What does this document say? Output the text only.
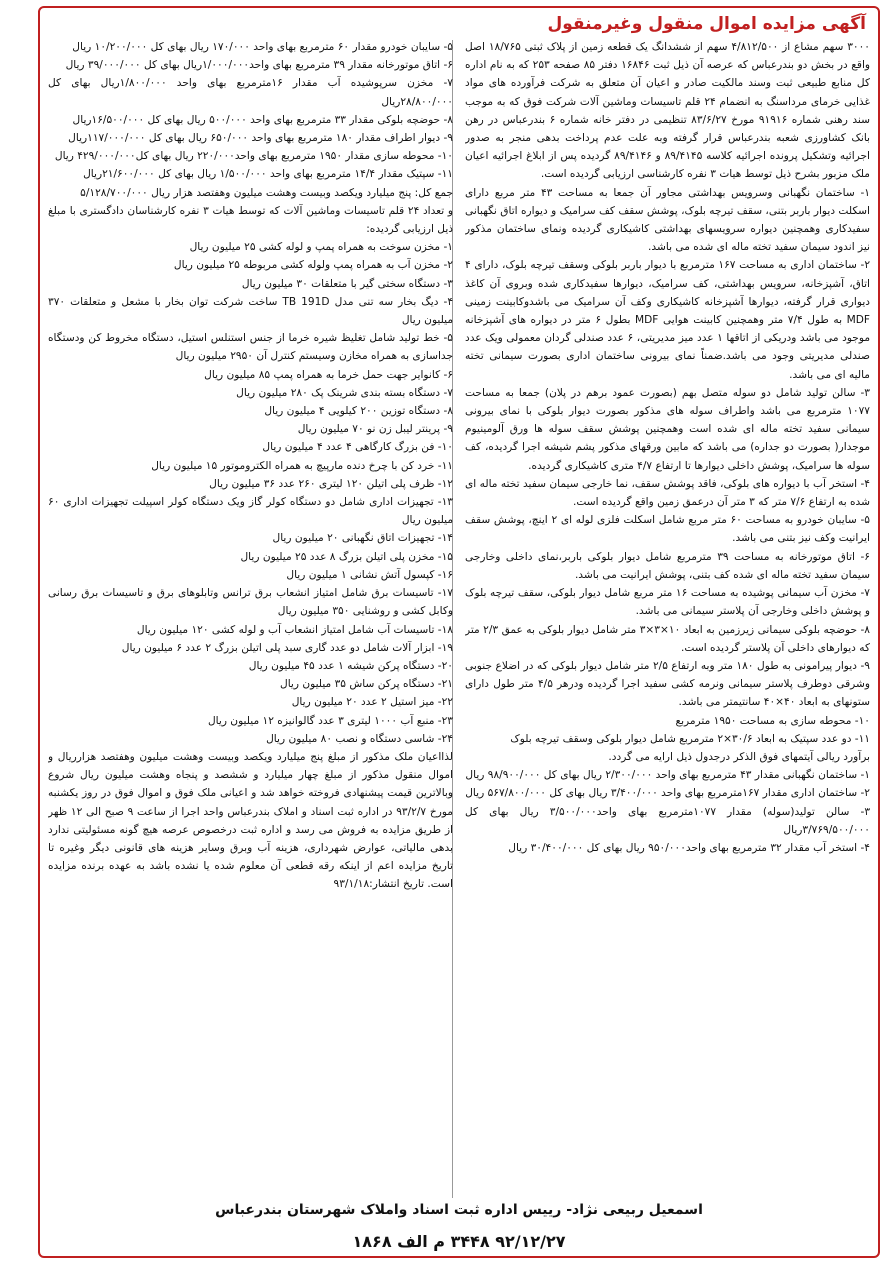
آگهی مزایده اموال منقول وغیرمنقول

۳۰۰۰ سهم مشاع از ۴/۸۱۲/۵۰۰ سهم از ششدانگ یک قطعه زمین از پلاک ثبتی ۱۸/۷۶۵ اصل واقع در بخش دو بندرعباس که عرصه آن ذیل ثبت ۱۶۸۴۶ دفتر ۸۵ صفحه ۲۵۳ که به نام اداره کل منابع طبیعی ثبت وسند مالکیت صادر و اعیان آن متعلق به شرکت فرآورده های مواد غذایی خرمای مرداسنگ به انضمام ۲۴ قلم تاسیسات وماشین آلات شرکت فوق که به موجب سند رهنی شماره ۹۱۹۱۶ مورخ ۸۳/۶/۲۷ تنظیمی در دفتر خانه شماره ۶ بندرعباس در رهن بانک کشاورزی شعبه بندرعباس قرار گرفته وبه علت عدم پرداخت بدهی منجر به صدور اجرائیه وتشکیل پرونده اجرائیه کلاسه ۸۹/۴۱۴۵ و ۸۹/۴۱۴۶ گردیده پس از ابلاغ اجرائیه اعیان ملک مزبور بشرح ذیل توسط هیات ۳ نفره کارشناسی ارزیابی گردیده است.

۱- ساختمان نگهبانی وسرویس بهداشتی مجاور آن جمعا به مساحت ۴۳ متر مربع دارای اسکلت دیوار باربر بتنی، سقف تیرچه بلوک، پوشش سقف کف سرامیک و دیواره اتاق نگهبانی سفیدکاری وهمچنین دیواره سرویسهای بهداشتی کاشیکاری گردیده ونمای ساختمان مذکور نیز اندود سیمان سفید تخته ماله ای شده می باشد.

۲- ساختمان اداری به مساحت ۱۶۷ مترمربع با دیوار باربر بلوکی وسقف تیرچه بلوک، دارای ۴ اتاق، آشپزخانه، سرویس بهداشتی، کف سرامیک، دیوارها سفیدکاری شده وبروی آن کاغذ دیواری قرار گرفته، دیوارها آشپزخانه کاشیکاری وکف آن سرامیک می باشدوکابینت زمینی MDF به طول ۷/۴ متر وهمچنین کابینت هوایی MDF بطول ۶ متر در دیواره های آشپزخانه موجود می باشد ودریکی از اتاقها ۱ عدد میز مدیریتی، ۶ عدد صندلی گردان معمولی ویک عدد صندلی مدیریتی وجود می باشد.ضمناً نمای بیرونی ساختمان اداری بصورت سیمانی تخته مالیه ای می باشد.

۳- سالن تولید شامل دو سوله متصل بهم (بصورت عمود برهم در پلان) جمعا به مساحت ۱۰۷۷ مترمربع می باشد واطراف سوله های مذکور بصورت دیوار بلوکی با نمای بیرونی سیمانی سفید تخته ماله ای شده است وهمچنین پوشش سقف سوله ها ورق آلومینیوم موجدار( بصورت دو جداره) می باشد که مابین ورقهای مذکور پشم شیشه اجرا گردیده، کف سوله ها سرامیک، پوشش داخلی دیوارها تا ارتفاع ۴/۷ متری کاشیکاری گردیده.

۴- استخر آب با دیواره های بلوکی، فاقد پوشش سقف، نما خارجی سیمان سفید تخته ماله ای شده به ارتفاع ۷/۶ متر که ۳ متر آن درعمق زمین واقع گردیده است.

۵- سایبان خودرو به مساحت ۶۰ متر مربع شامل اسکلت فلزی لوله ای ۲ اینچ، پوشش سقف ایرانیت وکف نیز بتنی می باشد.

۶- اتاق موتورخانه به مساحت ۳۹ مترمربع شامل دیوار بلوکی باربر،نمای داخلی وخارجی سیمان سفید تخته ماله ای شده کف بتنی، پوشش ایرانیت می باشد.

۷- مخزن آب سیمانی پوشیده به مساحت ۱۶ متر مربع شامل دیوار بلوکی، سقف تیرچه بلوک و پوشش داخلی وخارجی آن پلاستر سیمانی می باشد.

۸- حوضچه بلوکی سیمانی زیرزمین به ابعاد ۱۰×۳×۳ متر شامل دیوار بلوکی به عمق ۲/۳ متر که دیوارهای داخلی آن پلاستر گردیده است.

۹- دیوار پیرامونی به طول ۱۸۰ متر وبه ارتفاع ۲/۵ متر شامل دیوار بلوکی که در اضلاع جنوبی وشرقی دوطرف پلاستر سیمانی ونرمه کشی سفید اجرا گردیده ودرهر ۴/۵ متر طول دارای ستونهای به ابعاد ۴۰×۴۰ سانتیمتر می باشد.

۱۰- محوطه سازی به مساحت ۱۹۵۰ مترمربع

۱۱- دو عدد سپتیک به ابعاد ۳۰/۶×۲ مترمربع شامل دیوار بلوکی وسقف تیرچه بلوک

برآورد ریالی آیتمهای فوق الذکر درجدول ذیل ارایه می گردد.

۱- ساختمان نگهبانی مقدار ۴۳ مترمربع بهای واحد ۲/۳۰۰/۰۰۰ ریال بهای کل ۹۸/۹۰۰/۰۰۰ ریال

۲- ساختمان اداری مقدار ۱۶۷مترمربع بهای واحد ۳/۴۰۰/۰۰۰ ریال بهای کل ۵۶۷/۸۰۰/۰۰۰ ریال

۳- سالن تولید(سوله) مقدار ۱۰۷۷مترمربع بهای واحد۳/۵۰۰/۰۰۰ ریال بهای کل ۳/۷۶۹/۵۰۰/۰۰۰ریال

۴- استخر آب مقدار ۳۲ مترمربع بهای واحد۹۵۰/۰۰۰ ریال بهای کل ۳۰/۴۰۰/۰۰۰ ریال

۵- سایبان خودرو مقدار ۶۰ مترمربع بهای واحد ۱۷۰/۰۰۰ ریال بهای کل ۱۰/۲۰۰/۰۰۰ ریال

۶- اتاق موتورخانه مقدار ۳۹ مترمربع بهای واحد۱/۰۰۰/۰۰۰ریال بهای کل ۳۹/۰۰۰/۰۰۰ ریال

۷- مخزن سرپوشیده آب مقدار ۱۶مترمربع بهای واحد ۱/۸۰۰/۰۰۰ریال بهای کل ۲۸/۸۰۰/۰۰۰ریال

۸- حوضچه بلوکی مقدار ۳۳ مترمربع بهای واحد ۵۰۰/۰۰۰ ریال بهای کل ۱۶/۵۰۰/۰۰۰ریال

۹- دیوار اطراف مقدار ۱۸۰ مترمربع بهای واحد ۶۵۰/۰۰۰ ریال بهای کل ۱۱۷/۰۰۰/۰۰۰ریال

۱۰- محوطه سازی مقدار ۱۹۵۰ مترمربع بهای واحد۲۲۰/۰۰۰ ریال بهای کل۴۲۹/۰۰۰/۰۰۰ ریال

۱۱- سپتیک مقدار ۱۴/۴ مترمربع بهای واحد ۱/۵۰۰/۰۰۰ ریال بهای کل ۲۱/۶۰۰/۰۰۰ریال

جمع کل: پنج میلیارد ویکصد وبیست وهشت میلیون وهفتصد هزار ریال ۵/۱۲۸/۷۰۰/۰۰۰

و تعداد ۲۴ قلم تاسیسات وماشین آلات که توسط هیات ۳ نفره کارشناسان دادگستری با مبلغ ذیل ارزیابی گردیده:

۱- مخزن سوخت به همراه پمپ و لوله کشی ۲۵ میلیون ریال

۲- مخزن آب به همراه پمپ ولوله کشی مربوطه ۲۵ میلیون ریال

۳- دستگاه سختی گیر با متعلقات ۳۰ میلیون ریال

۴- دیگ بخار سه تنی مدل TB 191D ساخت شرکت توان بخار با مشعل و متعلقات ۳۷۰ میلیون ریال

۵- خط تولید شامل تغلیظ شیره خرما از جنس استنلس استیل، دستگاه مخروط کن ودستگاه جداسازی به همراه مخازن وسیستم کنترل آن ۲۹۵۰ میلیون ریال

۶- کانوایر جهت حمل خرما به همراه پمپ ۸۵ میلیون ریال

۷- دستگاه بسته بندی شرینک پک ۲۸۰ میلیون ریال

۸- دستگاه توزین ۲۰۰ کیلویی ۴ میلیون ریال

۹- پرینتر لیبل زن نو ۷۰ میلیون ریال

۱۰- فن بزرگ کارگاهی ۴ عدد ۴ میلیون ریال

۱۱- خرد کن با چرخ دنده مارپیچ به همراه الکتروموتور ۱۵ میلیون ریال

۱۲- ظرف پلی اتیلن ۱۲۰ لیتری ۲۶۰ عدد ۳۶ میلیون ریال

۱۳- تجهیزات اداری شامل دو دستگاه کولر گاز ویک دستگاه کولر اسپیلت تجهیزات اداری ۶۰ میلیون ریال

۱۴- تجهیزات اتاق نگهبانی ۲۰ میلیون ریال

۱۵- مخزن پلی اتیلن بزرگ ۸ عدد ۲۵ میلیون ریال

۱۶- کپسول آتش نشانی ۱ میلیون ریال

۱۷- تاسیسات برق شامل امتیاز انشعاب برق ترانس وتابلوهای برق و تاسیسات برق رسانی وکابل کشی و روشنایی ۳۵۰ میلیون ریال

۱۸- تاسیسات آب شامل امتیاز انشعاب آب و لوله کشی ۱۲۰ میلیون ریال

۱۹- ابزار آلات شامل دو عدد گاری سبد پلی اتیلن بزرگ ۲ عدد ۶ میلیون ریال

۲۰- دستگاه پرکن شیشه ۱ عدد ۴۵ میلیون ریال

۲۱- دستگاه پرکن ساش ۳۵ میلیون ریال

۲۲- میز استیل ۲ عدد ۲۰ میلیون ریال

۲۳- منبع آب ۱۰۰۰ لیتری ۳ عدد گالوانیزه ۱۲ میلیون ریال

۲۴- شاسی دستگاه و نصب ۸۰ میلیون ریال

لذااعیان ملک مذکور از مبلغ پنج میلیارد ویکصد وبیست وهشت میلیون وهفتصد هزارریال و اموال منقول مذکور از مبلغ چهار میلیارد و ششصد و پنجاه وهشت میلیون ریال شروع وبالاترین قیمت پیشنهادی فروخته خواهد شد و اعیانی ملک فوق و اموال فوق در روز یکشنبه مورخ ۹۳/۲/۷ در اداره ثبت اسناد و املاک بندرعباس واحد اجرا از ساعت ۹ صبح الی ۱۲ ظهر از طریق مزایده به فروش می رسد و اداره ثبت درخصوص عرصه هیچ گونه مسئولیتی ندارد بدهی مالیاتی، عوارض شهرداری، هزینه آب وبرق وسایر هزینه های قانونی دیگر وغیره تا تاریخ مزایده اعم از اینکه رقه قطعی آن معلوم شده یا نشده باشد به عهده برنده مزایده است. تاریخ انتشار:۹۳/۱/۱۸

اسمعیل ربیعی نژاد- رییس اداره ثبت اسناد واملاک شهرستان بندرعباس
۹۲/۱۲/۲۷ ۳۴۴۸ م الف ۱۸۶۸
